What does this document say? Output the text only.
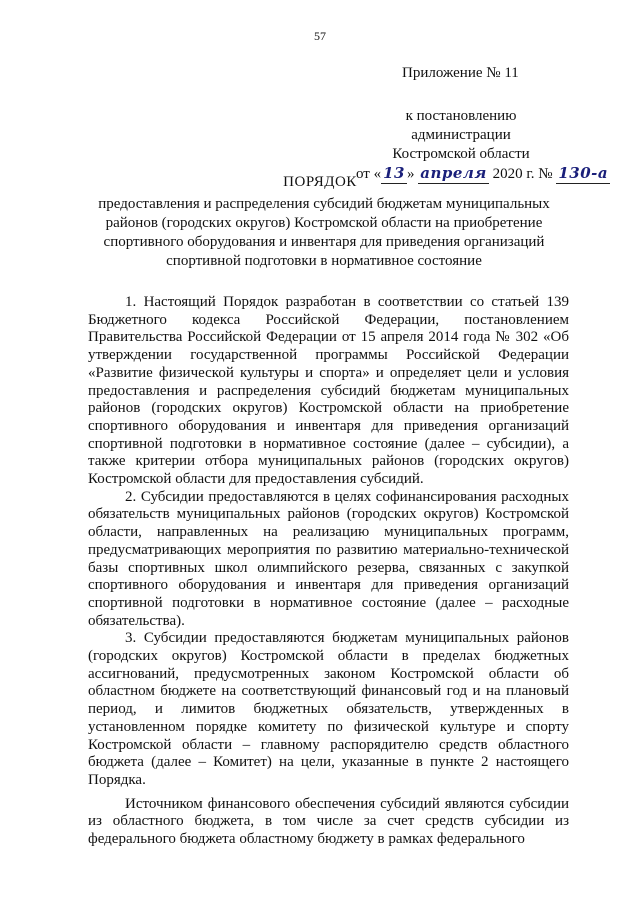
57
Приложение № 11
к постановлению администрации
Костромской области
от « 13 » апреля 2020 г. № 130-а
ПОРЯДОК
предоставления и распределения субсидий бюджетам муниципальных районов (городских округов) Костромской области на приобретение спортивного оборудования и инвентаря для приведения организаций спортивной подготовки в нормативное состояние

1. Настоящий Порядок разработан в соответствии со статьей 139 Бюджетного кодекса Российской Федерации, постановлением Правительства Российской Федерации от 15 апреля 2014 года № 302 «Об утверждении государственной программы Российской Федерации «Развитие физической культуры и спорта» и определяет цели и условия предоставления и распределения субсидий бюджетам муниципальных районов (городских округов) Костромской области на приобретение спортивного оборудования и инвентаря для приведения организаций спортивной подготовки в нормативное состояние (далее – субсидии), а также критерии отбора муниципальных районов (городских округов) Костромской области для предоставления субсидий.

2. Субсидии предоставляются в целях софинансирования расходных обязательств муниципальных районов (городских округов) Костромской области, направленных на реализацию муниципальных программ, предусматривающих мероприятия по развитию материально-технической базы спортивных школ олимпийского резерва, связанных с закупкой спортивного оборудования и инвентаря для приведения организаций спортивной подготовки в нормативное состояние (далее – расходные обязательства).

3. Субсидии предоставляются бюджетам муниципальных районов (городских округов) Костромской области в пределах бюджетных ассигнований, предусмотренных законом Костромской области об областном бюджете на соответствующий финансовый год и на плановый период, и лимитов бюджетных обязательств, утвержденных в установленном порядке комитету по физической культуре и спорту Костромской области – главному распорядителю средств областного бюджета (далее – Комитет) на цели, указанные в пункте 2 настоящего Порядка.

Источником финансового обеспечения субсидий являются субсидии из областного бюджета, в том числе за счет средств субсидии из федерального бюджета областному бюджету в рамках федерального
